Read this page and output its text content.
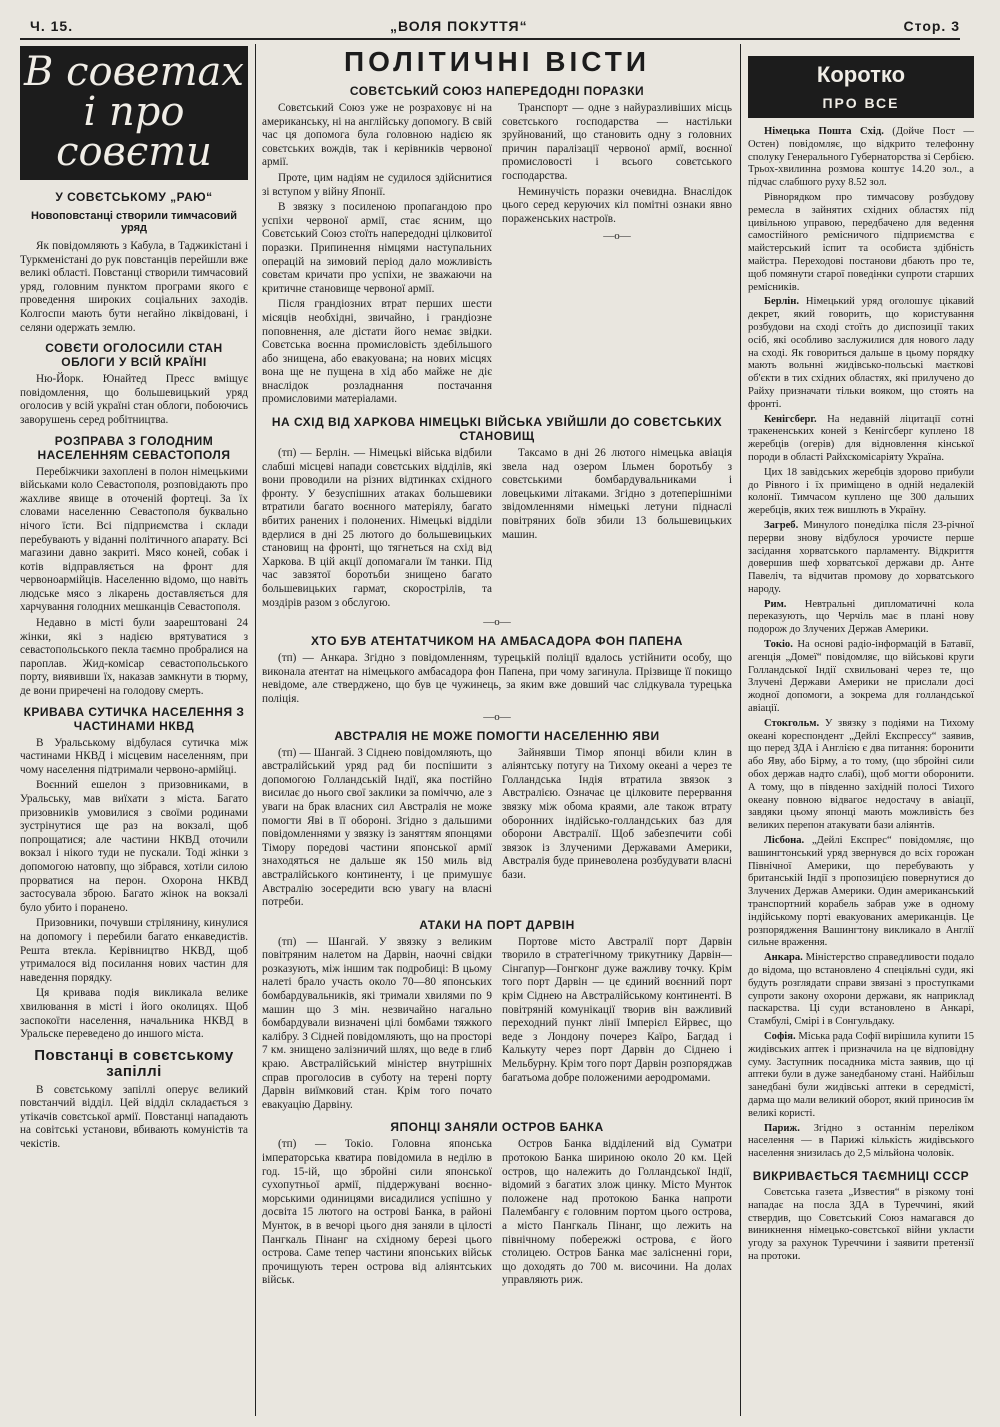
Ч. 15.	„ВОЛЯ ПОКУТТЯ“	Стор. 3
В советах і про совєти
У СОВЄТСЬКОМУ „РАЮ“
Новоповстанці створили тимчасовий уряд

Як повідомляють з Кабула, в Таджикістані і Туркменістані до рук повстанців перейшли вже великі області. Повстанці створили тимчасовий уряд, головним пунктом програми якого є проведення широких соціальних заходів. Колгоспи мають бути негайно ліквідовані, і селяни одержать землю.

СОВЄТИ ОГОЛОСИЛИ СТАН ОБЛОГИ У ВСІЙ КРАЇНІ

Ню-Йорк. Юнайтед Пресс вміщує повідомлення, що большевицький уряд оголосив у всій україні стан облоги, побоючись заворушень серед робітництва.

РОЗПРАВА З ГОЛОДНИМ НАСЕЛЕННЯМ СЕВАСТОПОЛЯ

Перебіжчики захоплені в полон німецькими військами коло Севастополя, розповідають про жахливе явище в оточеній фортеці. За їх словами населенню Севастополя буквально нічого їсти. Всі підприємства і склади перебувають у віданні політичного апарату. Всі магазини давно закриті. Мясо коней, собак і котів відправляється на фронт для червоноармійців. Населенню відомо, що навіть людське мясо з лікарень доставляється для харчування голодних мешканців Севастополя.

Недавно в місті були заарештовані 24 жінки, які з надією врятуватися з севастопольського пекла таємно пробралися на пароплав. Жид-комісар севастопольського порту, виявивши їх, наказав замкнути в тюрму, де вони приречені на голодову смерть.

КРИВАВА СУТИЧКА НАСЕЛЕННЯ З ЧАСТИНАМИ НКВД

В Уральському відбулася сутичка між частинами НКВД і місцевим населенням, при чому населення підтримали червоно-армійці.

Воєнний ешелон з призовниками, в Уральську, мав виїхати з міста. Багато призовників умовилися з своїми родинами зустрінутися ще раз на вокзалі, щоб попрощатися; але частини НКВД оточили вокзал і нікого туди не пускали. Тоді жінки з допомогою натовпу, що зібрався, хотіли силою прорватися на перон. Охорона НКВД застосувала зброю. Багато жінок на вокзалі було убито і поранено.

Призовники, почувши стрілянину, кинулися на допомогу і перебили багато енкаведистів. Решта втекла. Керівництво НКВД, щоб утрималося від посилання нових частин для наведення порядку.

Ця кривава подія викликала велике хвилювання в місті і його околицях. Щоб заспокоїти населення, начальника НКВД в Уральске переведено до иншого міста.

Повстанці в совєтському запіллі

В совєтському запіллі оперує великий повстанчий відділ. Цей відділ складається з утікачів совєтської армії. Повстанці нападають на совітські установи, вбивають комуністів та чекістів.

ПОЛІТИЧНІ ВІСТИ
СОВЄТСЬКИЙ СОЮЗ НАПЕРЕДОДНІ ПОРАЗКИ

Совєтський Союз уже не розраховує ні на американську, ні на англійську допомогу. В свій час ця допомога була головною надією як совєтських вождів, так і керівників червоної армії.

Проте, цим надіям не судилося здійснитися зі вступом у війну Японії.

В звязку з посиленою пропагандою про успіхи червоної армії, стає ясним, що Совєтський Союз стоїть напередодні цілковитої поразки. Припинення німцями наступальних операцій на зимовий період дало можливість совєтам кричати про успіхи, не зважаючи на критичне становище червоної армії.

Після грандіозних втрат перших шести місяців необхідні, звичайно, і грандіозне поповнення, але дістати його немає звідки. Совєтська воєнна промисловість здебільшого або знищена, або евакуована; на нових місцях вона ще не пущена в хід або майже не діє внаслідок розладнання постачання промисловими матеріалами.

Транспорт — одне з найуразливіших місць совєтського господарства — настільки зруйнований, що становить одну з головних причин паралізації червоної армії, воєнної промисловості і всього совєтського господарства.

Неминучість поразки очевидна. Внаслідок цього серед керуючих кіл помітні ознаки явно пораженських настроїв.

—o—
НА СХІД ВІД ХАРКОВА НІМЕЦЬКІ ВІЙСЬКА УВІЙШЛИ ДО СОВЄТСЬКИХ СТАНОВИЩ

(тп) — Берлін. — Німецькі війська відбили слабші місцеві напади совєтських відділів, які вони проводили на різних відтинках східного фронту. У безуспішних атаках большевики втратили багато воєнного матеріялу, багато вбитих ранених і полонених. Німецькі відділи вдерлися в дні 25 лютого до большевицьких становищ на фронті, що тягнеться на схід від Харкова. В цій акції допомагали їм танки. Під час завзятої боротьби знищено багато большевицьких гармат, скорострілів, та моздірів разом з обслугою.

Таксамо в дні 26 лютого німецька авіація звела над озером Ільмен боротьбу з совєтськими бомбардувальниками і ловецькими літаками. Згідно з дотеперішніми звідомленнями німецькі летуни піднаслі повітряних боїв збили 13 большевицьких машин.

—o—
ХТО БУВ АТЕНТАТЧИКОМ НА АМБАСАДОРА ФОН ПАПЕНА

(тп) — Анкара. Згідно з повідомленням, турецькій поліції вдалось устійнити особу, що виконала атентат на німецького амбасадора фон Папена, при чому загинула. Прізвище її покищо невідоме, але стверджено, що був це чужинець, за яким вже довший час слідкувала турецька поліція.

—o—
АВСТРАЛІЯ НЕ МОЖЕ ПОМОГТИ НАСЕЛЕННЮ ЯВИ

(тп) — Шангай. З Сіднею повідомляють, що австралійський уряд рад би поспішити з допомогою Голландській Індії, яка постійно висилає до нього свої заклики за поміччю, але з уваги на брак власних сил Австралія не може помогти Яві в її обороні. Згідно з дальшими повідомленнями у звязку із заняттям японцями Тімору поредові частини японської армії знаходяться не дальше як 150 миль від австралійського континенту, і це примушує Австралію зосередити всю увагу на власні потреби.

Зайнявши Тімор японці вбили клин в аліянтську потугу на Тихому океані а через те Голландська Індія втратила звязок з Австралією. Означає це цілковите перервання звязку між обома краями, але також втрату оборонних індійсько-голландських баз для оборони Австралії. Щоб забезпечити собі звязок із Злученими Державами Америки, Австралія буде приневолена розбудувати власні бази.

АТАКИ НА ПОРТ ДАРВІН

(тп) — Шангай. У звязку з великим повітряним налетом на Дарвін, наочні свідки розказують, між іншим так подробиці: В цьому налеті брало участь около 70—80 японських бомбардувальників, які тримали хвилями по 9 машин що 3 мін. незвичайно нагально бомбардували визначені цілі бомбами тяжкого калібру. З Сідней повідомляють, що на просторі 7 км. знищено залізничий шлях, що веде в глиб краю. Австралійський міністер внутрішніх справ проголосив в суботу на терені порту Дарвін виїмковий стан. Крім того почато евакуацію Дарвіну.

Портове місто Австралії порт Дарвін творило в стратегічному трикутнику Дарвін—Сінгапур—Гонгконг дуже важливу точку. Крім того порт Дарвін — це єдиний воєнний порт крім Сіднею на Австралійському континенті. В повітряній комунікації творив він важливий переходний пункт лінії Імперієл Ейрвес, що веде з Лондону почерез Каїро, Багдад і Калькуту через порт Дарвін до Сіднею і Мельбурну. Крім того порт Дарвін розпоряджав багатьома добре положеними аеродромами.

ЯПОНЦІ ЗАНЯЛИ ОСТРОВ БАНКА

(тп) — Токіо. Головна японська імператорська кватира повідомила в неділю в год. 15-ій, що збройні сили японської сухопутньої армії, піддержувані воєнно-морськими одиницями висадилися успішно у досвіта 15 лютого на острові Банка, в районі Мунток, в в вечорі цього дня заняли в цілості Пангкаль Пінанг на східному березі цього острова. Саме тепер частини японських військ прочищують терен острова від аліянтських військ.

Остров Банка відділений від Суматри протокою Банка шириною около 20 км. Цей остров, що належить до Голландської Індії, відомий з багатих злож цинку. Місто Мунток положене над протокою Банка напроти Палембангу є головним портом цього острова, а місто Пангкаль Пінанг, що лежить на північному побережжі острова, є його столицею. Остров Банка має залісненні гори, що доходять до 700 м. височини. На долах управляють риж.

Коротко
ПРО ВСЕ

Німецька Пошта Схід. (Дойче Пост — Остен) повідомляє, що відкрито телефонну сполуку Генерального Губернаторства зі Сербією. Трьох-хвилинна розмова коштує 14.20 зол., а підчас слабшого руху 8.52 зол.

Рівнорядком про тимчасову розбудову ремесла в зайнятих східних областях під цивільною управою, передбачено для ведення самостійного ремісничого підприємства є майстерський іспит та особиста здібність майстра. Переходові постанови дбають про те, щоб помянути старої поведінки супроти старших ремісників.

Берлін. Німецький уряд оголошує цікавий декрет, який говорить, що користування розбудови на сході стоїть до диспозиції таких осіб, які особливо заслужилися для нового ладу на сході. Як говориться дальше в цьому порядку мають вольнні жидівсько-польські маєткові об'єкти в тих східних областях, які прилучено до Райху призначати тільки вояком, що стоять на фронті.

Кенігсберг. На недавній ліцитації сотні тракененських коней з Кенігсберг куплено 18 жеребців (огерів) для відновлення кінської породи в області Райхскомісаріяту Україна.

Цих 18 завідських жеребців здорово прибули до Рівного і їх приміщено в одній недалекій колонії. Тимчасом куплено ще 300 дальших жеребців, яких теж вишлють в Україну.

Загреб. Минулого понеділка після 23-річної перерви знову відбулося урочисте перше засідання хорватського парламенту. Відкриття довершив шеф хорватської держави др. Анте Павеліч, та відчитав промову до хорватського народу.

Рим. Невтральні дипломатичні кола переказують, що Черчіль має в плані нову подорож до Злучених Держав Америки.

Токіо. На основі радіо-інформацій в Батавії, агенція „Домеї“ повідомляє, що військові круги Голландської Індії схвильовані через те, що Злучені Держави Америки не прислали досі жодної допомоги, а зокрема для голландської авіації.

Стокгольм. У звязку з подіями на Тихому океані кореспондент „Дейлі Експрессу“ заявив, що перед ЗДА і Англією є два питання: боронити або Яву, або Бірму, а то тому, (що збройні сили обох держав надто слабі), щоб могти оборонити. А тому, що в південно західній полосі Тихого океану повною відвагоє недостачу в авіації, завдяки цьому японці мають можливість без великих перепон атакувати бази аліянтів.

Лісбона. „Дейлі Експрес“ повідомляє, що вашингтонський уряд звернувся до всіх горожан Північної Америки, що перебувають у британській Індії з пропозицією повернутися до Злучених Держав Америки. Один американський транспортний корабель забрав уже в одному індійському порті евакуованих американців. Це розпорядження Вашингтону викликало в Англії сильне враження.

Анкара. Міністерство справедливости подало до відома, що встановлено 4 спеціяльні суди, які будуть розглядати справи звязані з проступками супроти закону охорони держави, як наприклад паскарства. Ці суди встановлено в Анкарі, Стамбулі, Смірі і в Сонгульдаку.

Софія. Міська рада Софії вирішила купити 15 жидівських аптек і призначила на це відповідну суму. Заступник посадника міста заявив, що ці аптеки були в дуже занедбаному стані. Найбільш занедбані були жидівські аптеки в середмісті, дарма що мали великий оборот, який приносив їм великі користі.

Париж. Згідно з останнім переліком населення — в Парижі кількість жидівського населення знизилась до 2,5 мільйона чоловік.

ВИКРИВАЄТЬСЯ ТАЄМНИЦІ СССР

Совєтська газета „Известия“ в різкому тоні нападає на посла ЗДА в Туреччині, який ствердив, що Совєтський Союз намагався до виникнення німецько-совєтської війни укласти угоду за рахунок Туреччини і заявити претензії на протоки.
